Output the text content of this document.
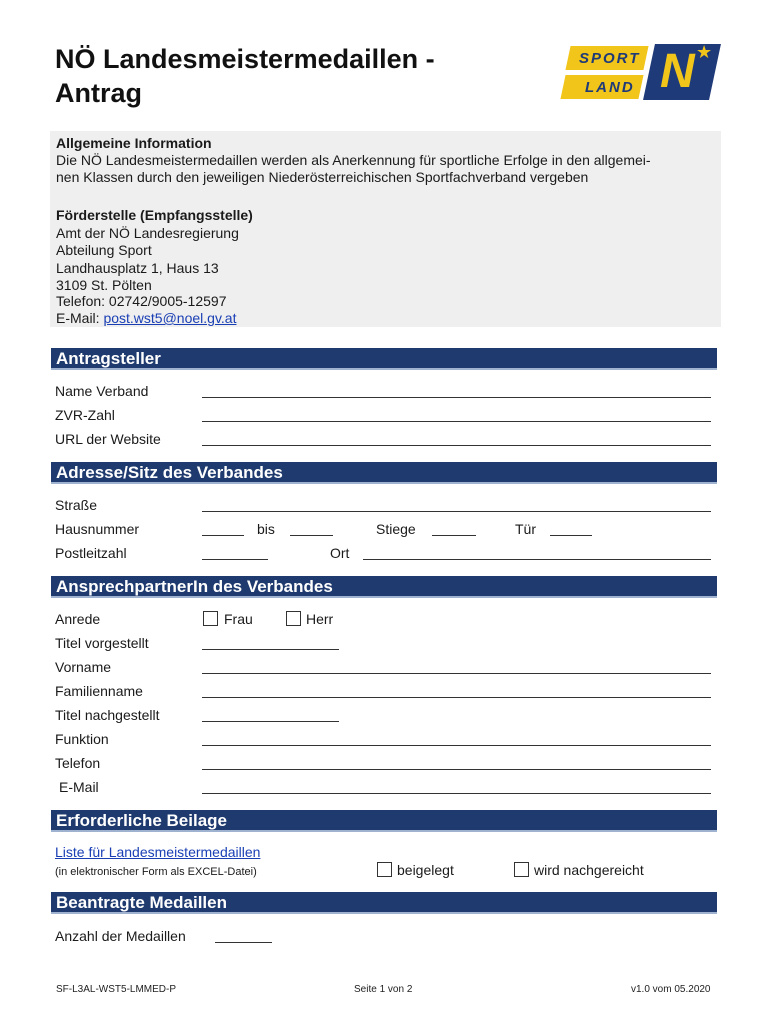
NÖ Landesmeistermedaillen -
Antrag
SPORT
LAND N ★
Allgemeine Information
Die NÖ Landesmeistermedaillen werden als Anerkennung für sportliche Erfolge in den allgemei-
nen Klassen durch den jeweiligen Niederösterreichischen Sportfachverband vergeben
Förderstelle (Empfangsstelle)
Amt der NÖ Landesregierung
Abteilung Sport
Landhausplatz 1, Haus 13
3109 St. Pölten
Telefon: 02742/9005-12597
E-Mail: post.wst5@noel.gv.at
Antragsteller
Name Verband
ZVR-Zahl
URL der Website
Adresse/Sitz des Verbandes
Straße
Hausnummer	bis	Stiege	Tür
Postleitzahl	Ort
AnsprechpartnerIn des Verbandes
Anrede	Frau	Herr
Titel vorgestellt
Vorname
Familienname
Titel nachgestellt
Funktion
Telefon
E-Mail
Erforderliche Beilage
Liste für Landesmeistermedaillen
(in elektronischer Form als EXCEL-Datei)	beigelegt	wird nachgereicht
Beantragte Medaillen
Anzahl der Medaillen
SF-L3AL-WST5-LMMED-P	Seite 1 von 2	v1.0 vom 05.2020
